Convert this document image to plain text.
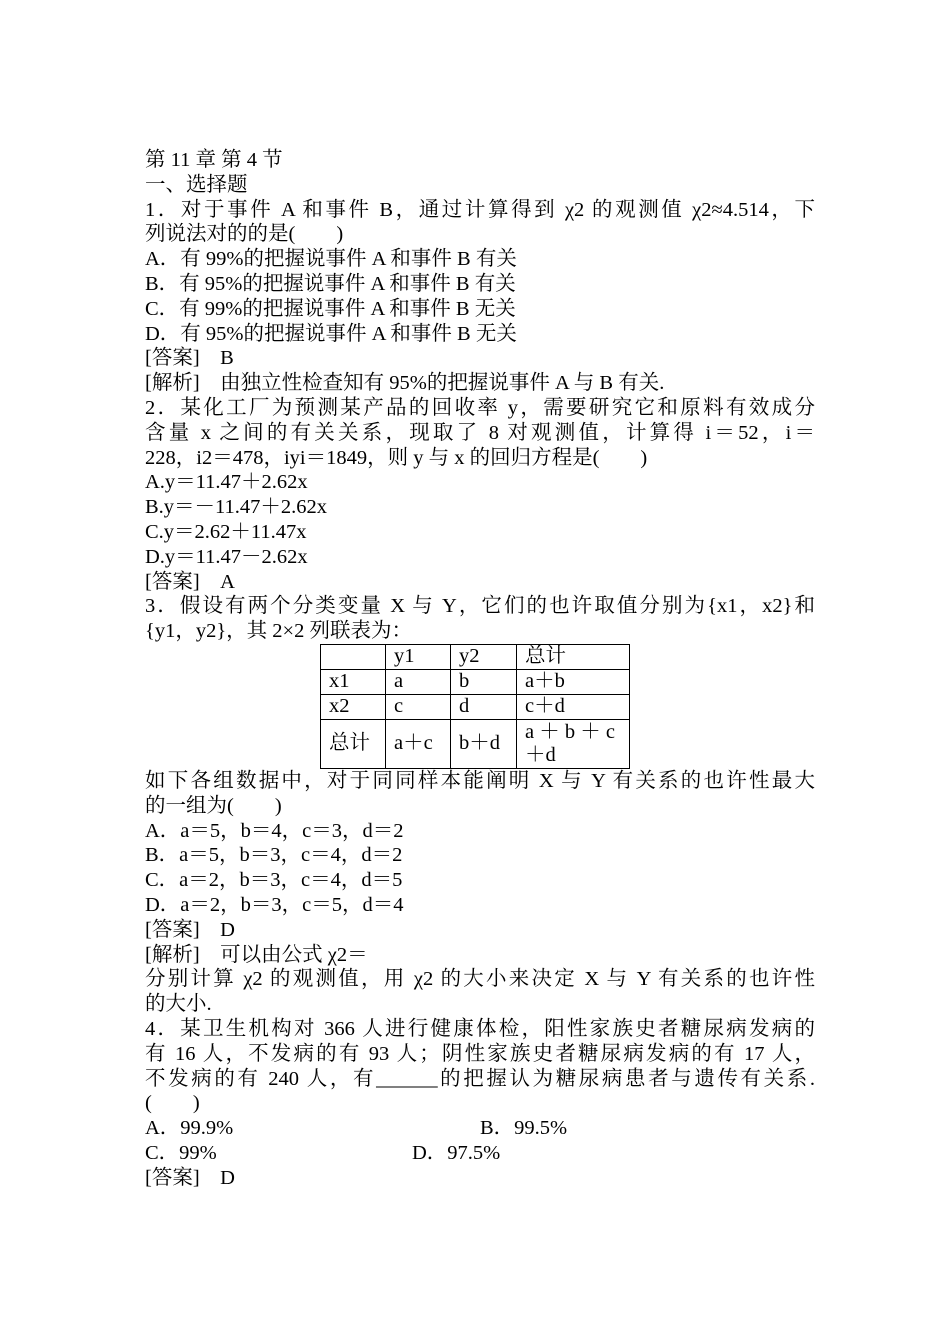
第 11 章 第 4 节
一、选择题
1．对于事件 A 和事件 B，通过计算得到 χ2 的观测值 χ2≈4.514，下
列说法对的的是(　　)
A．有 99%的把握说事件 A 和事件 B 有关
B．有 95%的把握说事件 A 和事件 B 有关
C．有 99%的把握说事件 A 和事件 B 无关
D．有 95%的把握说事件 A 和事件 B 无关
[答案]　B
[解析]　由独立性检查知有 95%的把握说事件 A 与 B 有关.
2．某化工厂为预测某产品的回收率 y，需要研究它和原料有效成分
含量 x 之间的有关关系，现取了 8 对观测值，计算得 i＝52，i＝
228，i2＝478，iyi＝1849，则 y 与 x 的回归方程是(　　)
A.y＝11.47＋2.62x
B.y＝－11.47＋2.62x
C.y＝2.62＋11.47x
D.y＝11.47－2.62x
[答案]　A
3．假设有两个分类变量 X 与 Y，它们的也许取值分别为{x1，x2}和
{y1，y2}，其 2×2 列联表为：
	y1	y2	总计
x1	a	b	a＋b
x2	c	d	c＋d
总计	a＋c	b＋d	a ＋ b ＋ c
＋d
如下各组数据中，对于同同样本能阐明 X 与 Y 有关系的也许性最大
的一组为(　　)
A．a＝5，b＝4，c＝3，d＝2
B．a＝5，b＝3，c＝4，d＝2
C．a＝2，b＝3，c＝4，d＝5
D．a＝2，b＝3，c＝5，d＝4
[答案]　D
[解析]　可以由公式 χ2＝
分别计算 χ2 的观测值，用 χ2 的大小来决定 X 与 Y 有关系的也许性
的大小.
4．某卫生机构对 366 人进行健康体检，阳性家族史者糖尿病发病的
有 16 人，不发病的有 93 人；阴性家族史者糖尿病发病的有 17 人，
不发病的有 240 人，有______的把握认为糖尿病患者与遗传有关系.
(　　)
A．99.9%	B．99.5%
C．99%	D．97.5%
[答案]　D
